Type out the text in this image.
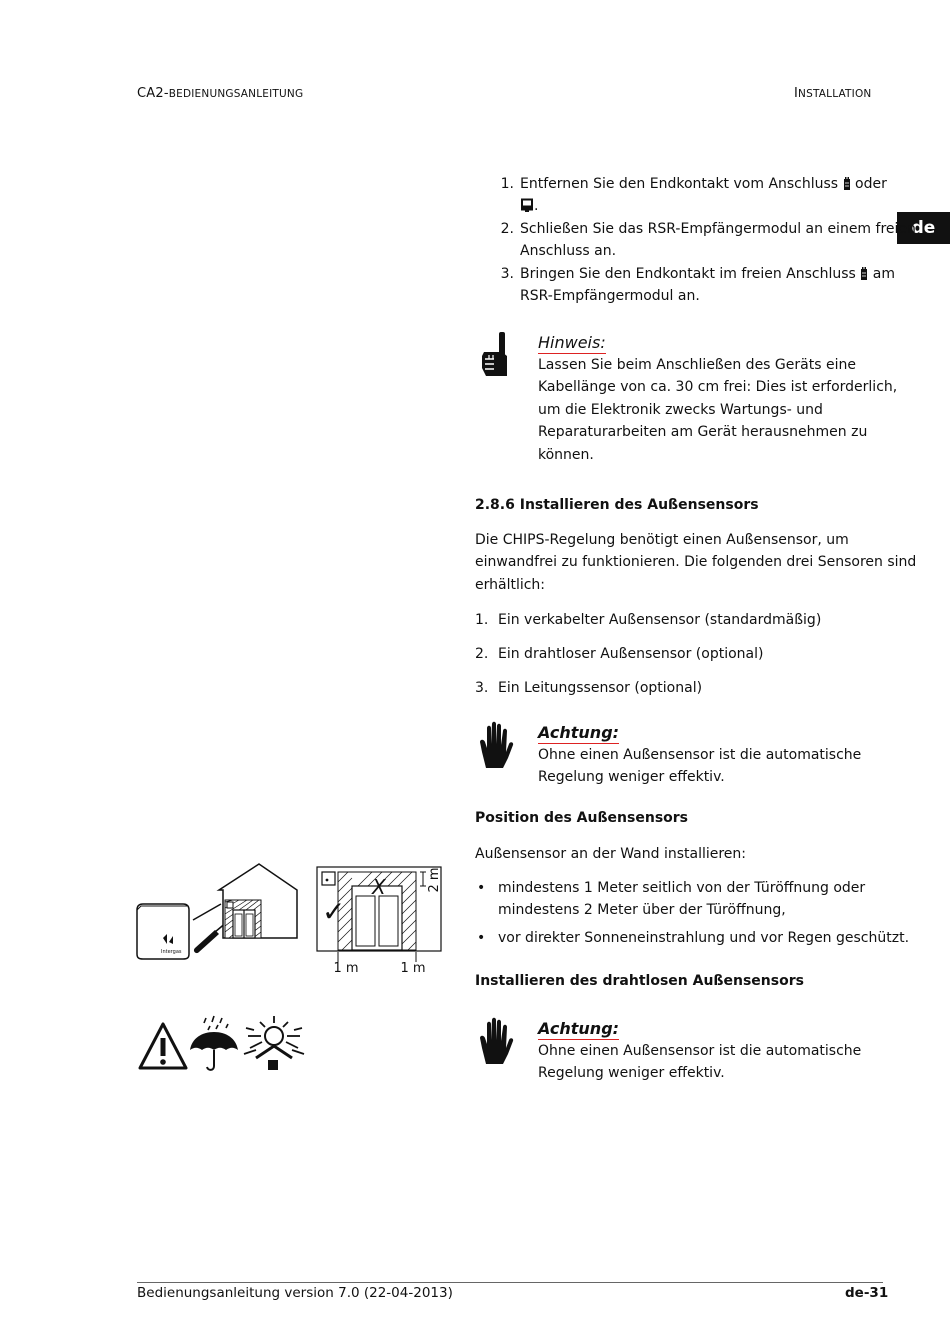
CA2-BEDIENUNGSANLEITUNG	INSTALLATION
de
1. Entfernen Sie den Endkontakt vom Anschluss oder
.
2. Schließen Sie das RSR-Empfängermodul an einem freien
Anschluss an.
3. Bringen Sie den Endkontakt im freien Anschluss am
RSR-Empfängermodul an.
Hinweis:
Lassen Sie beim Anschließen des Geräts eine
Kabellänge von ca. 30 cm frei: Dies ist erforderlich,
um die Elektronik zwecks Wartungs- und
Reparaturarbeiten am Gerät herausnehmen zu
können.
2.8.6 Installieren des Außensensors
Die CHIPS-Regelung benötigt einen Außensensor, um
einwandfrei zu funktionieren. Die folgenden drei Sensoren sind
erhältlich:
1. Ein verkabelter Außensensor (standardmäßig)
2. Ein drahtloser Außensensor (optional)
3. Ein Leitungssensor (optional)
Achtung:
Ohne einen Außensensor ist die automatische
Regelung weniger effektiv.
Position des Außensensors
Außensensor an der Wand installieren:
• mindestens 1 Meter seitlich von der Türöffnung oder
mindestens 2 Meter über der Türöffnung,
• vor direkter Sonneneinstrahlung und vor Regen geschützt.
Installieren des drahtlosen Außensensors
Achtung:
Ohne einen Außensensor ist die automatische
Regelung weniger effektiv.
Intergas
2 m
✓
X
1 m	1 m
Bedienungsanleitung version 7.0 (22-04-2013)	de-31
